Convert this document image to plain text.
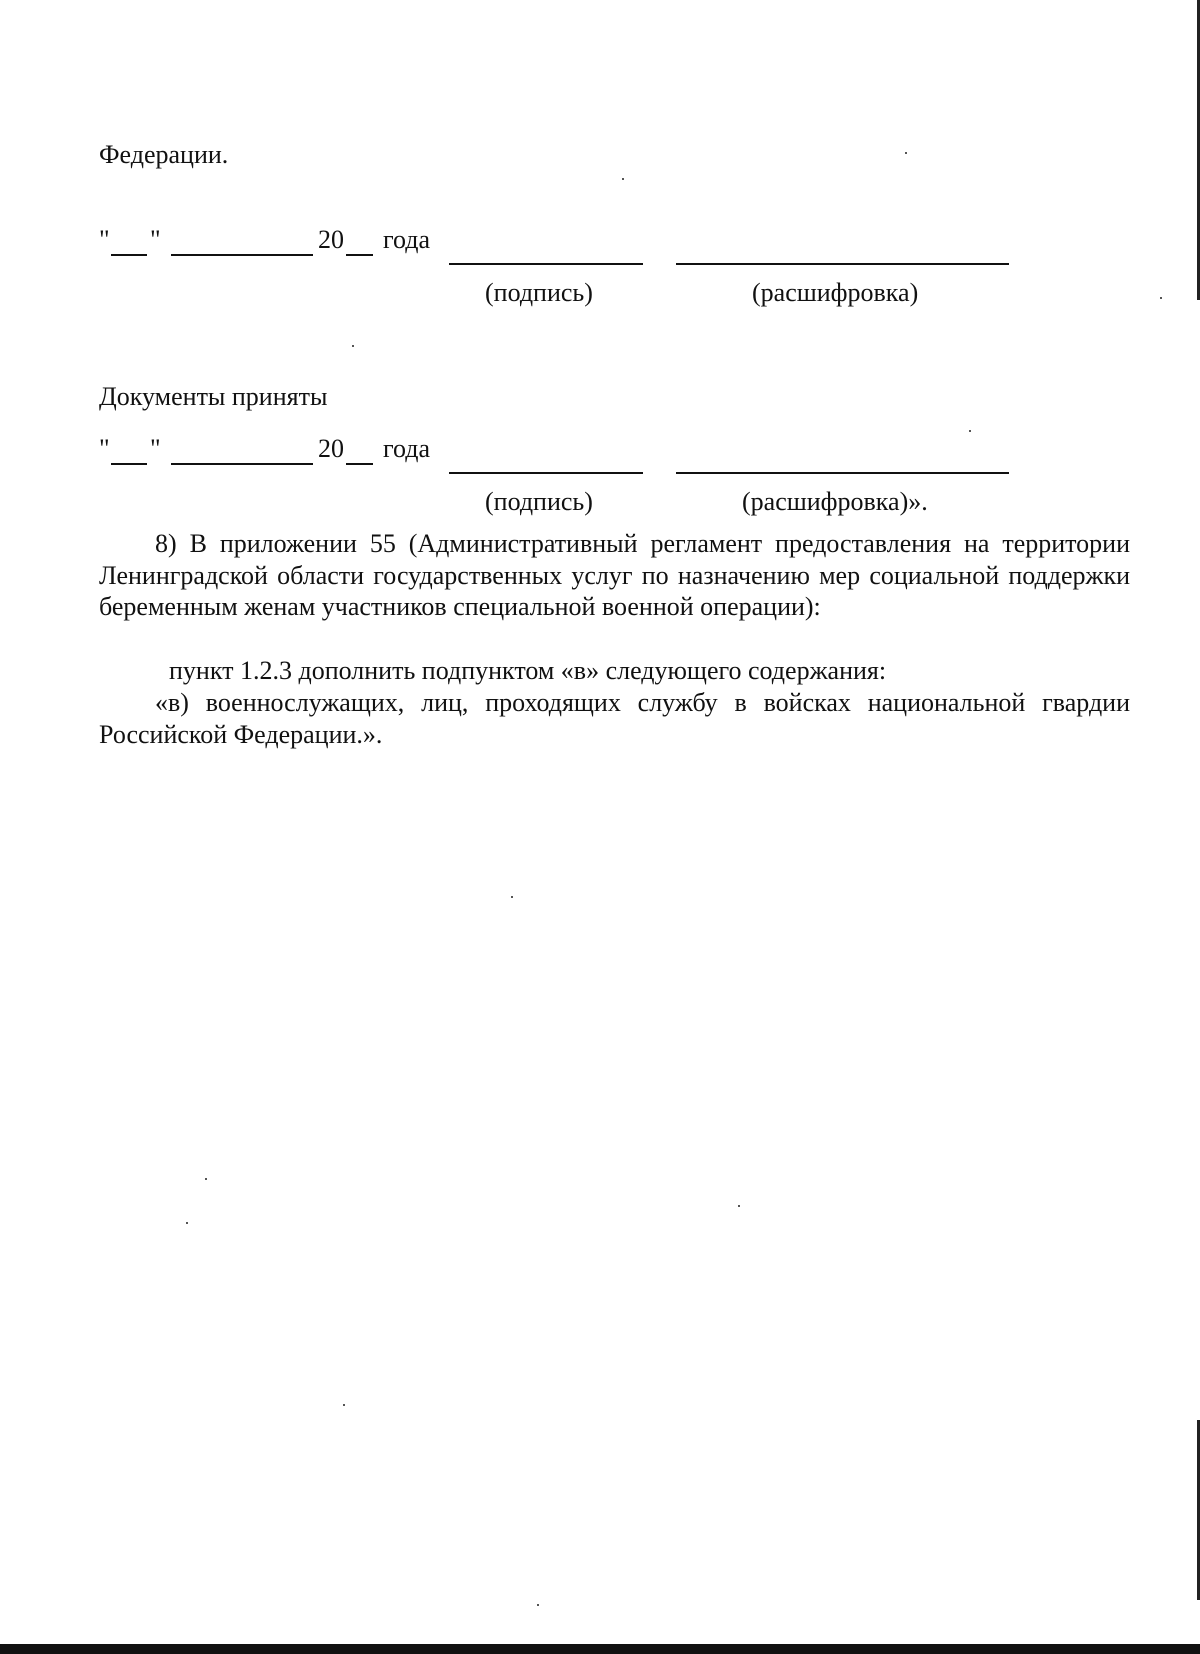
Федерации.
" "	20 года
(подпись)	(расшифровка)
Документы приняты
" "	20 года
(подпись)	(расшифровка)».
8) В приложении 55 (Административный регламент предоставления на территории Ленинградской области государственных услуг по назначению мер социальной поддержки беременным женам участников специальной военной операции):
пункт 1.2.3 дополнить подпунктом «в» следующего содержания:
«в) военнослужащих, лиц, проходящих службу в войсках национальной гвардии Российской Федерации.».
